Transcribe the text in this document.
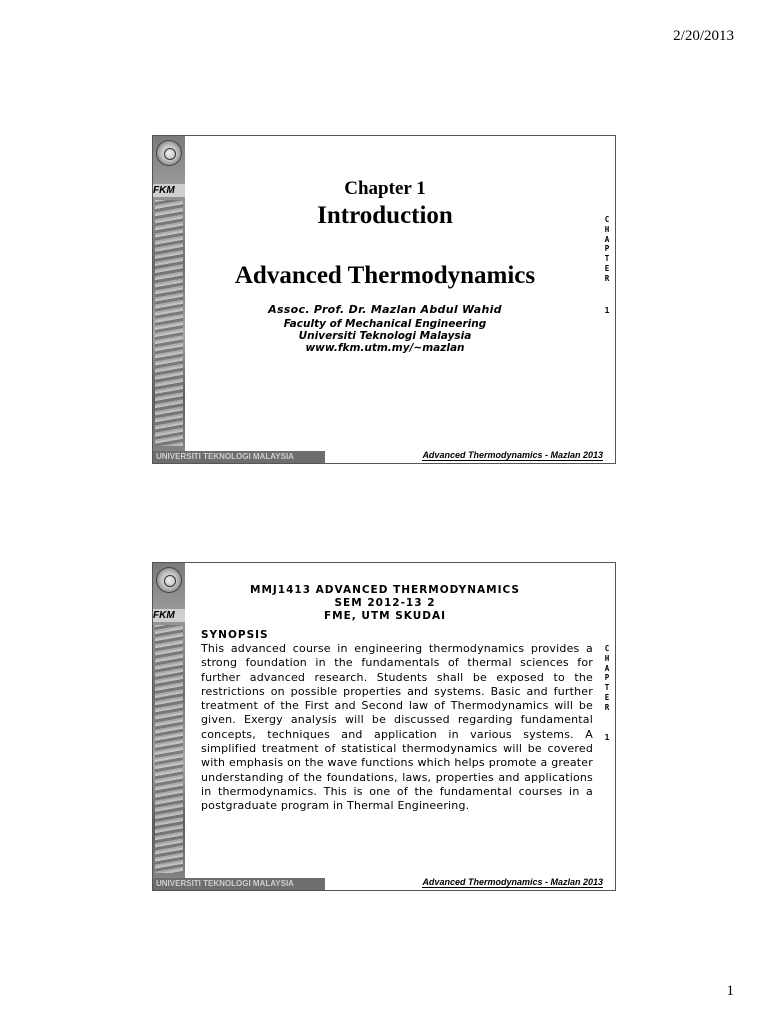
2/20/2013
FKM	Chapter 1
Introduction
Advanced Thermodynamics
Assoc. Prof. Dr. Mazlan Abdul Wahid
Faculty of Mechanical Engineering
Universiti Teknologi Malaysia
www.fkm.utm.my/~mazlan
C
H
A
P
T
E
R
1
UNIVERSITI TEKNOLOGI MALAYSIA	Advanced Thermodynamics - Mazlan 2013
FKM
MMJ1413 ADVANCED THERMODYNAMICS
SEM 2012-13 2
FME, UTM SKUDAI
SYNOPSIS
This advanced course in engineering thermodynamics provides a strong foundation in the fundamentals of thermal sciences for further advanced research. Students shall be exposed to the restrictions on possible properties and systems. Basic and further treatment of the First and Second law of Thermodynamics will be given. Exergy analysis will be discussed regarding fundamental concepts, techniques and application in various systems. A simplified treatment of statistical thermodynamics will be covered with emphasis on the wave functions which helps promote a greater understanding of the foundations, laws, properties and applications in thermodynamics. This is one of the fundamental courses in a postgraduate program in Thermal Engineering.
C
H
A
P
T
E
R
1
UNIVERSITI TEKNOLOGI MALAYSIA	Advanced Thermodynamics - Mazlan 2013
1
